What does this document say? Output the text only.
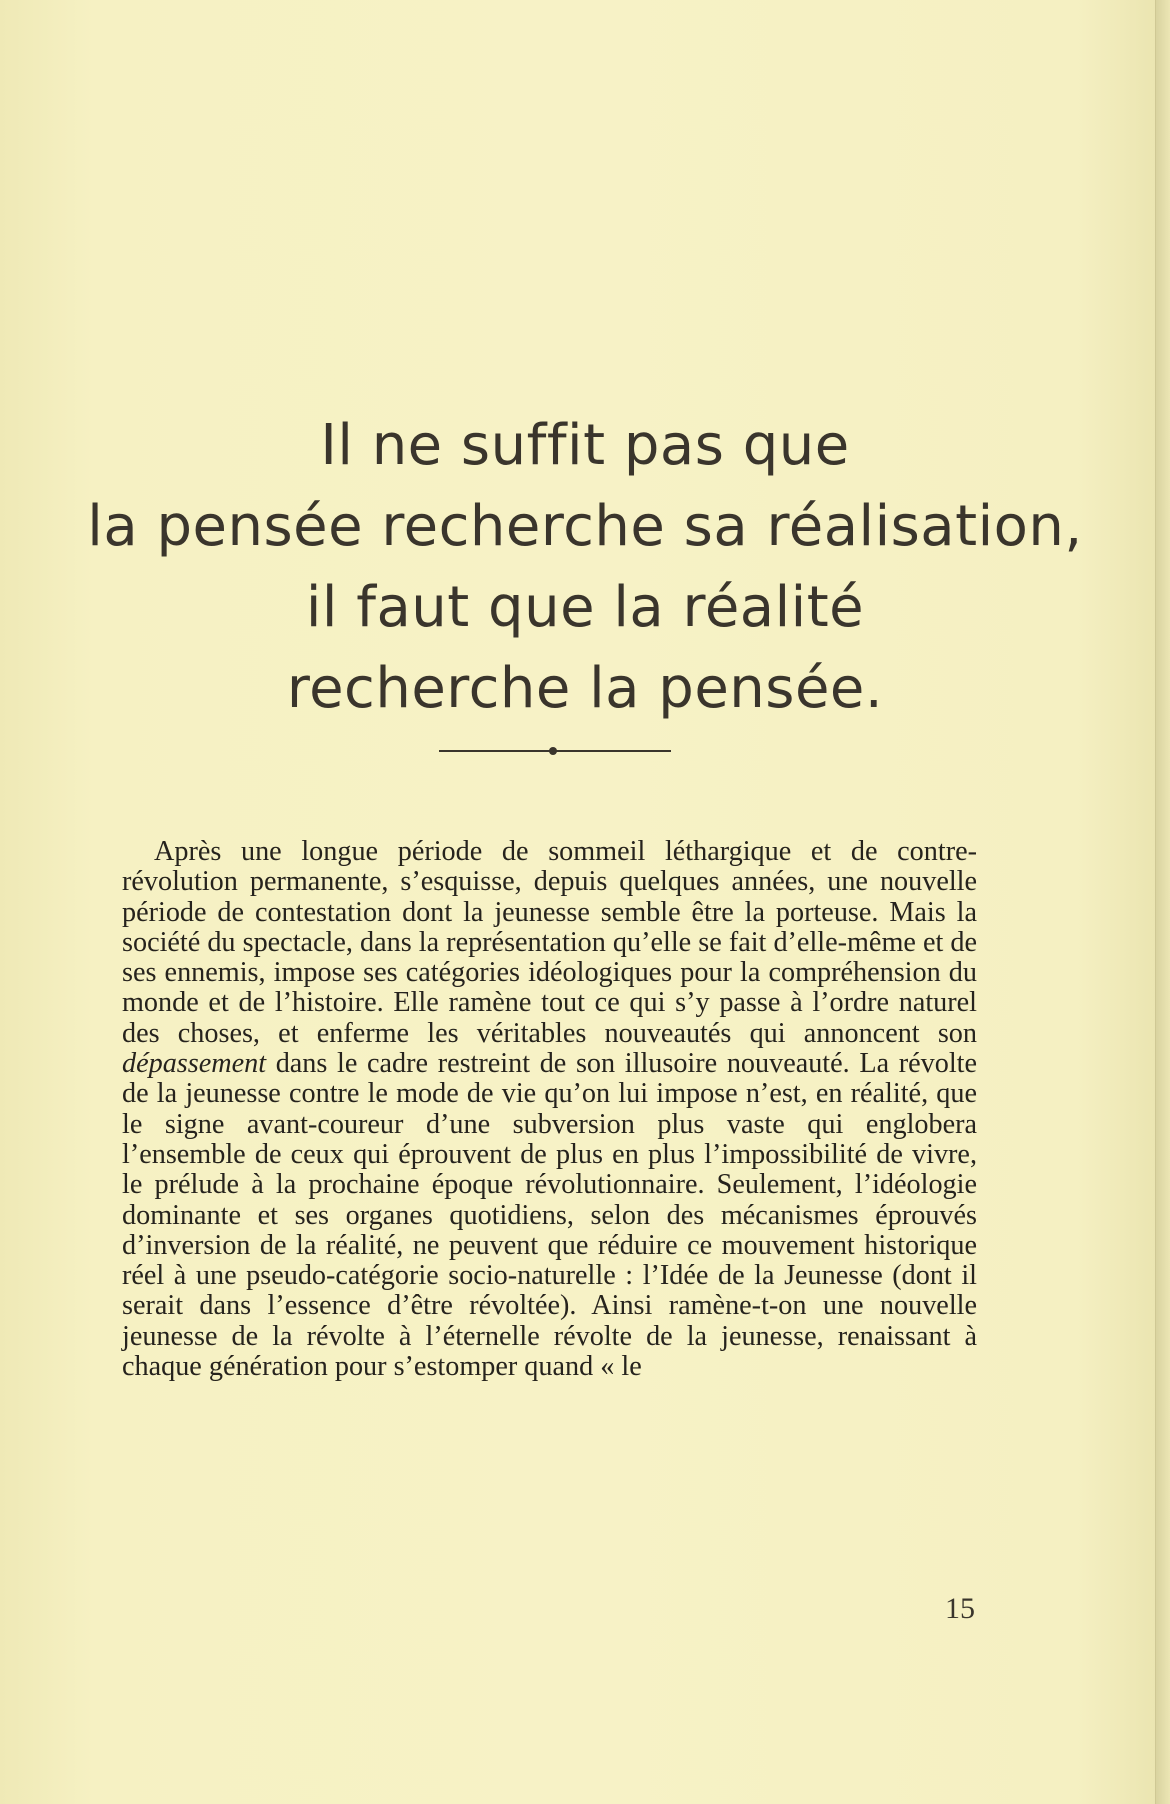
Il ne suffit pas que
la pensée recherche sa réalisation,
il faut que la réalité
recherche la pensée.

Après une longue période de sommeil léthargique et de contre-révolution permanente, s’esquisse, depuis quelques années, une nouvelle période de contestation dont la jeunesse semble être la porteuse. Mais la société du spectacle, dans la représentation qu’elle se fait d’elle-même et de ses ennemis, impose ses catégories idéologiques pour la compréhension du monde et de l’histoire. Elle ramène tout ce qui s’y passe à l’ordre naturel des choses, et enferme les véritables nouveautés qui annoncent son dépassement dans le cadre restreint de son illusoire nouveauté. La révolte de la jeunesse contre le mode de vie qu’on lui impose n’est, en réalité, que le signe avant-coureur d’une subversion plus vaste qui englobera l’ensemble de ceux qui éprouvent de plus en plus l’impossibilité de vivre, le prélude à la prochaine époque révolutionnaire. Seulement, l’idéologie dominante et ses organes quotidiens, selon des mécanismes éprouvés d’inversion de la réalité, ne peuvent que réduire ce mouvement historique réel à une pseudo-catégorie socio-naturelle : l’Idée de la Jeunesse (dont il serait dans l’essence d’être révoltée). Ainsi ramène-t-on une nouvelle jeunesse de la révolte à l’éternelle révolte de la jeunesse, renaissant à chaque génération pour s’estomper quand « le

15
